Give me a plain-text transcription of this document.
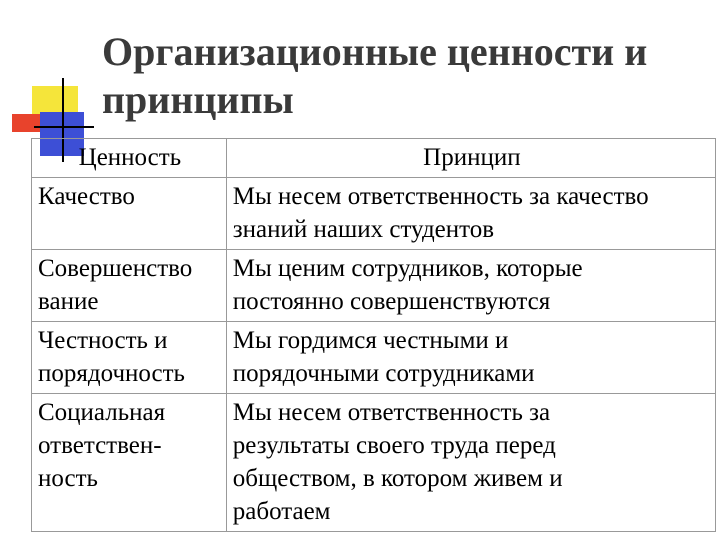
Организационные ценности и
принципы
Ценность	Принцип

Качество	Мы несем ответственность за качество
знаний наших студентов

Совершенство
вание	Мы ценим сотрудников, которые
постоянно совершенствуются

Честность и
порядочность	Мы гордимся честными и
порядочными сотрудниками

Социальная
ответствен-
ность	Мы несем ответственность за
результаты своего труда перед
обществом, в котором живем и
работаем
